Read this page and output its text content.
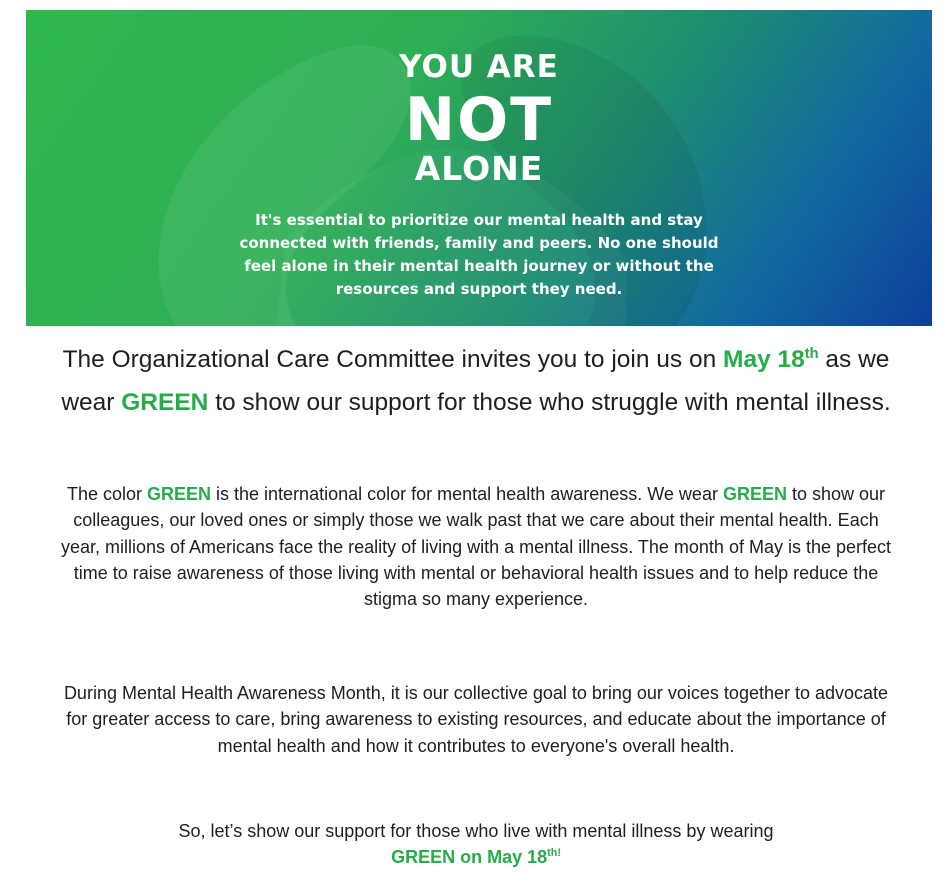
YOU ARE
NOT
ALONE
It's essential to prioritize our mental health and stay connected with friends, family and peers. No one should feel alone in their mental health journey or without the resources and support they need.
The Organizational Care Committee invites you to join us on May 18th as we wear GREEN to show our support for those who struggle with mental illness.
The color GREEN is the international color for mental health awareness. We wear GREEN to show our colleagues, our loved ones or simply those we walk past that we care about their mental health. Each year, millions of Americans face the reality of living with a mental illness. The month of May is the perfect time to raise awareness of those living with mental or behavioral health issues and to help reduce the stigma so many experience.
During Mental Health Awareness Month, it is our collective goal to bring our voices together to advocate for greater access to care, bring awareness to existing resources, and educate about the importance of mental health and how it contributes to everyone's overall health.
So, let’s show our support for those who live with mental illness by wearing
GREEN on May $18^{th!}$
